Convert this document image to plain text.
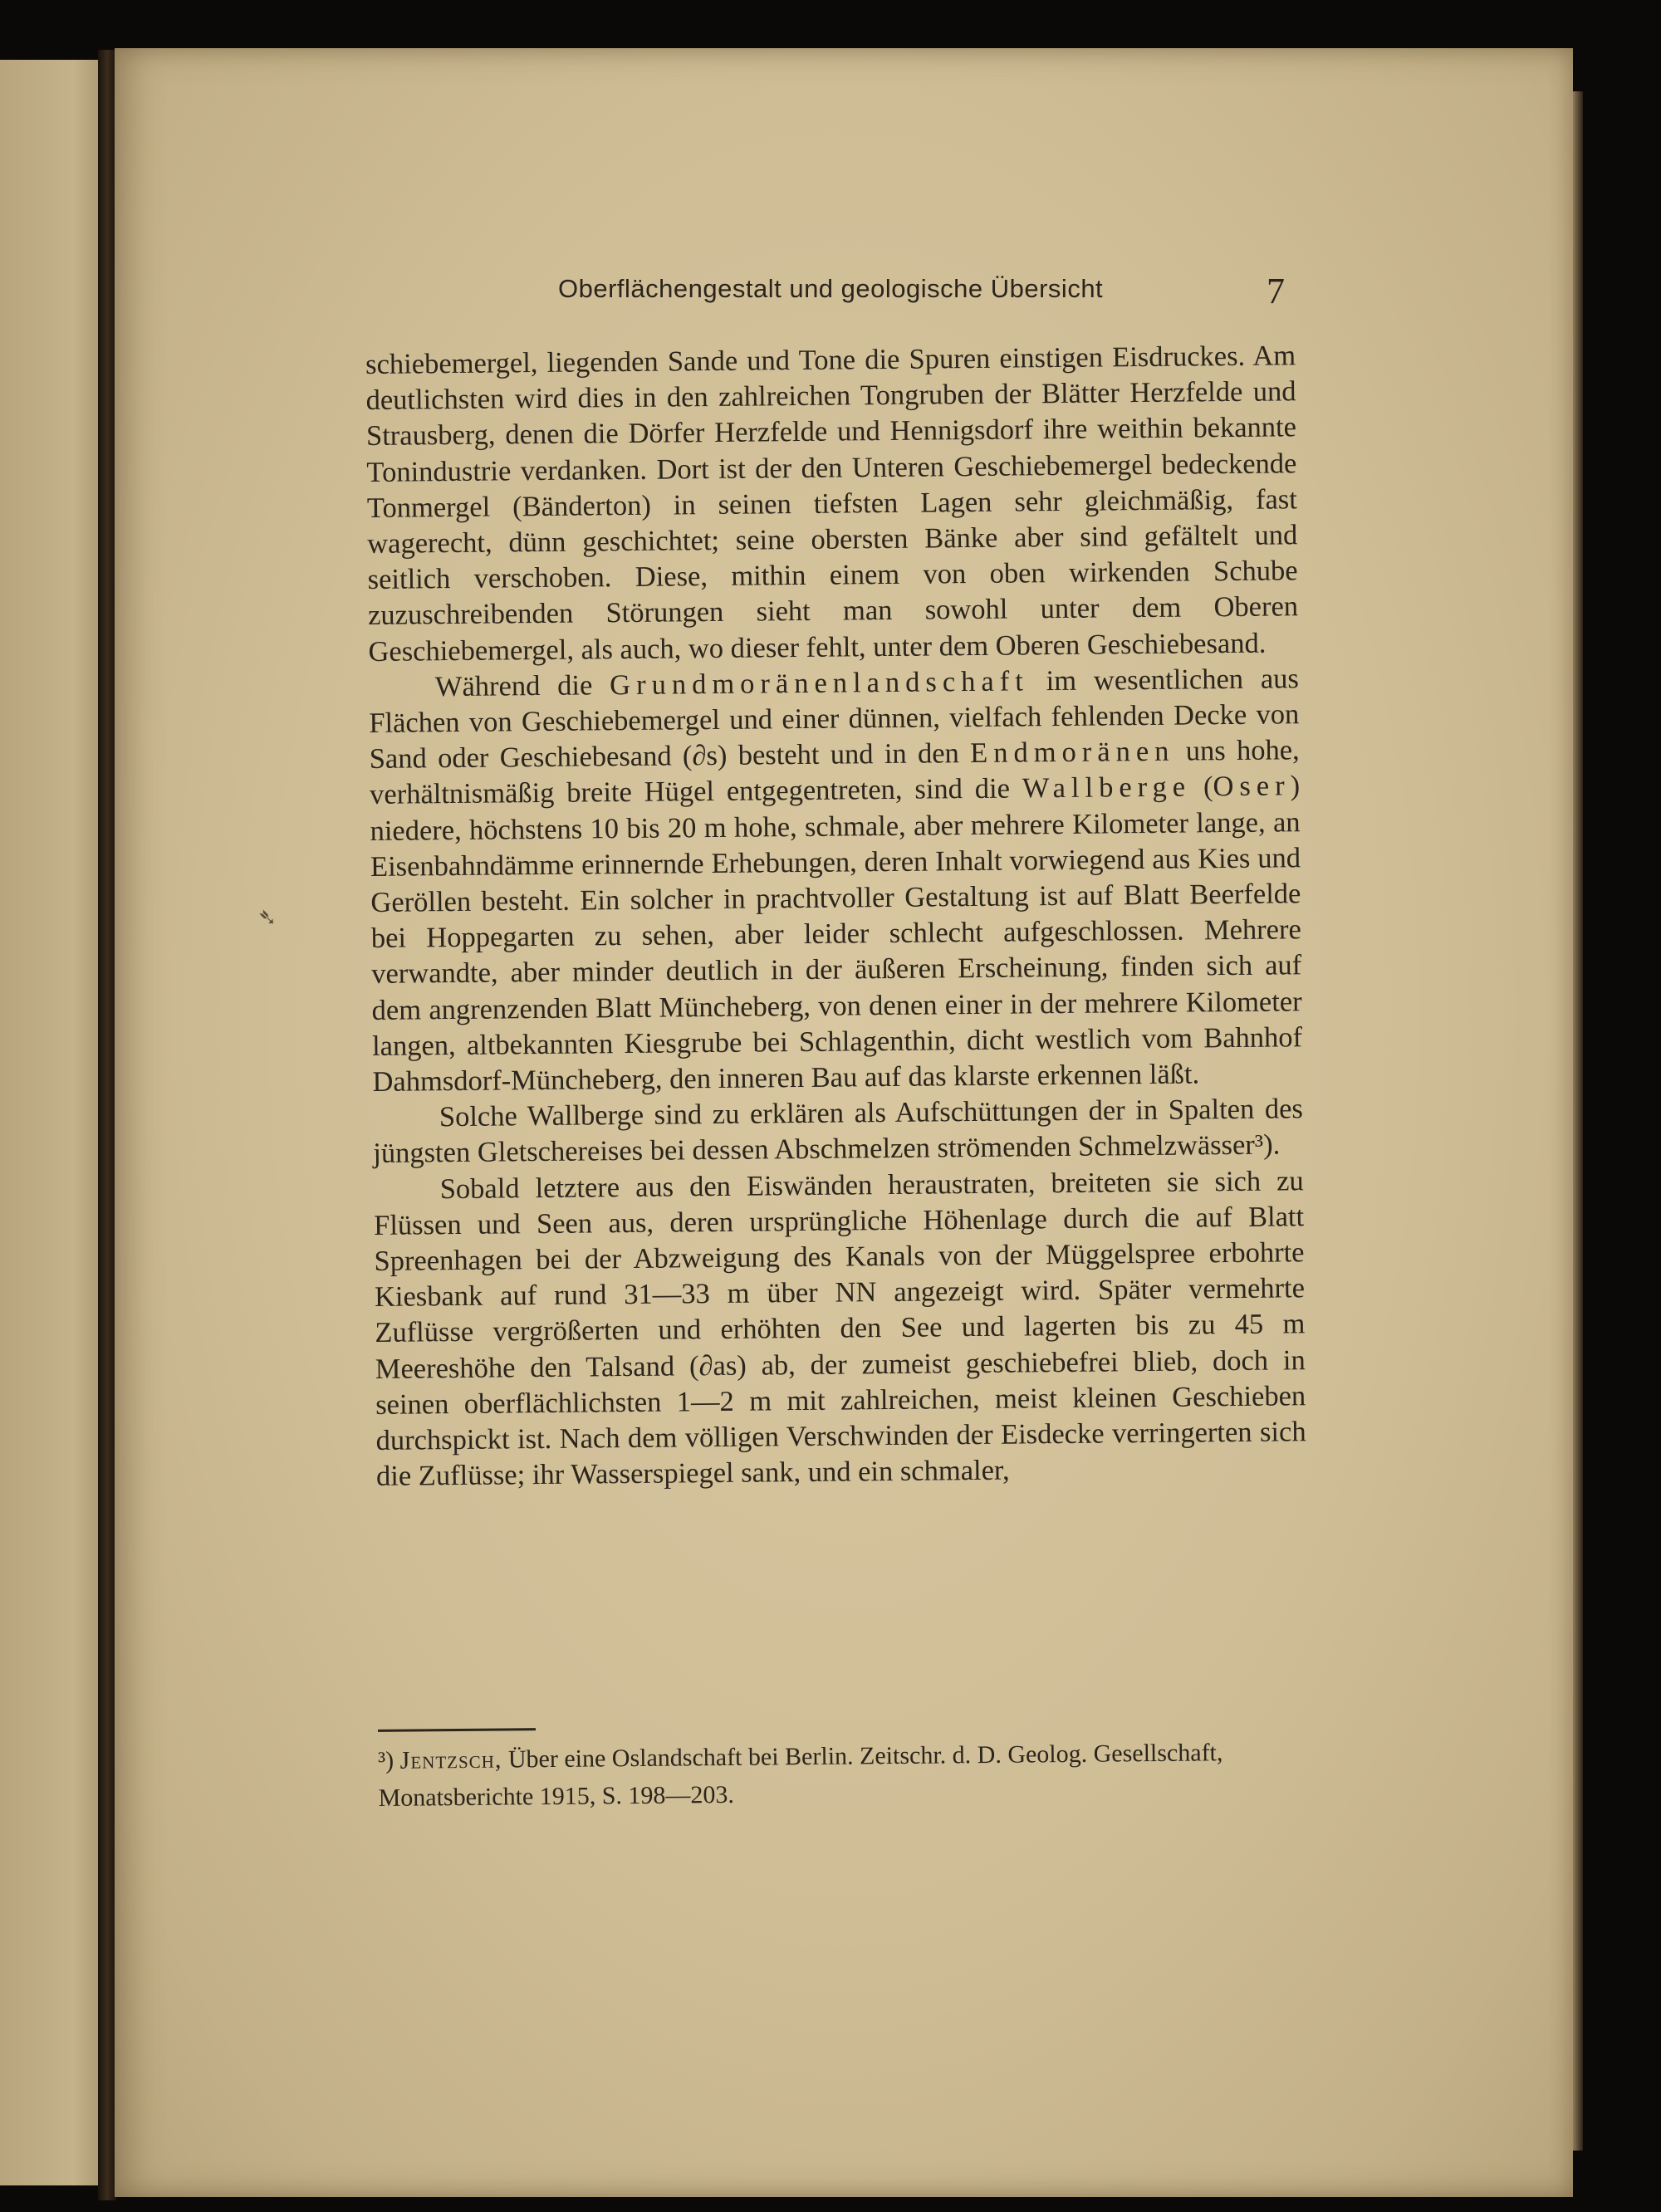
Oberflächengestalt und geologische Übersicht	7
➴

schiebemergel, liegenden Sande und Tone die Spuren einstigen Eisdruckes. Am deutlichsten wird dies in den zahlreichen Tongruben der Blätter Herzfelde und Strausberg, denen die Dörfer Herzfelde und Hennigsdorf ihre weithin bekannte Tonindustrie verdanken. Dort ist der den Unteren Geschiebemergel bedeckende Tonmergel (Bänderton) in seinen tiefsten Lagen sehr gleichmäßig, fast wagerecht, dünn geschichtet; seine obersten Bänke aber sind gefältelt und seitlich verschoben. Diese, mithin einem von oben wirkenden Schube zuzuschreibenden Störungen sieht man sowohl unter dem Oberen Geschiebemergel, als auch, wo dieser fehlt, unter dem Oberen Geschiebesand.

Während die Grundmoränenlandschaft im wesentlichen aus Flächen von Geschiebemergel und einer dünnen, vielfach fehlenden Decke von Sand oder Geschiebesand (∂s) besteht und in den Endmoränen uns hohe, verhältnismäßig breite Hügel entgegentreten, sind die Wallberge (Oser) niedere, höchstens 10 bis 20 m hohe, schmale, aber mehrere Kilometer lange, an Eisenbahndämme erinnernde Erhebungen, deren Inhalt vorwiegend aus Kies und Geröllen besteht. Ein solcher in prachtvoller Gestaltung ist auf Blatt Beerfelde bei Hoppegarten zu sehen, aber leider schlecht aufgeschlossen. Mehrere verwandte, aber minder deutlich in der äußeren Erscheinung, finden sich auf dem angrenzenden Blatt Müncheberg, von denen einer in der mehrere Kilometer langen, altbekannten Kiesgrube bei Schlagenthin, dicht westlich vom Bahnhof Dahmsdorf-Müncheberg, den inneren Bau auf das klarste erkennen läßt.

Solche Wallberge sind zu erklären als Aufschüttungen der in Spalten des jüngsten Gletschereises bei dessen Abschmelzen strömenden Schmelzwässer³).

Sobald letztere aus den Eiswänden heraustraten, breiteten sie sich zu Flüssen und Seen aus, deren ursprüngliche Höhenlage durch die auf Blatt Spreenhagen bei der Abzweigung des Kanals von der Müggelspree erbohrte Kiesbank auf rund 31—33 m über NN angezeigt wird. Später vermehrte Zuflüsse vergrößerten und erhöhten den See und lagerten bis zu 45 m Meereshöhe den Talsand (∂as) ab, der zumeist geschiebefrei blieb, doch in seinen oberflächlichsten 1—2 m mit zahlreichen, meist kleinen Geschieben durchspickt ist. Nach dem völligen Verschwinden der Eisdecke verringerten sich die Zuflüsse; ihr Wasserspiegel sank, und ein schmaler,

³) Jentzsch, Über eine Oslandschaft bei Berlin. Zeitschr. d. D. Geolog. Gesellschaft, Monatsberichte 1915, S. 198—203.
